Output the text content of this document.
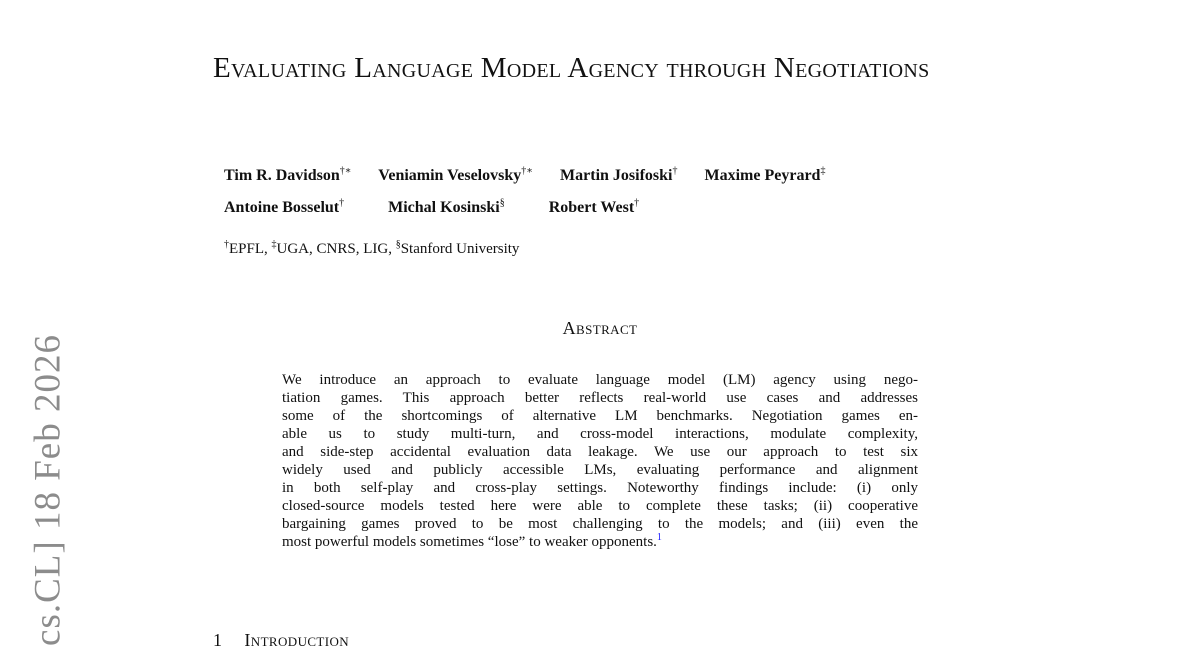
cs.CL] 18 Feb 2026
Evaluating Language Model Agency through Negotiations
Tim R. Davidson†∗ Veniamin Veselovsky†∗ Martin Josifoski† Maxime Peyrard‡
Antoine Bosselut†	Michal Kosinski§	Robert West†
†EPFL, ‡UGA, CNRS, LIG, §Stanford University
Abstract
We introduce an approach to evaluate language model (LM) agency using nego-
tiation games. This approach better reflects real-world use cases and addresses
some of the shortcomings of alternative LM benchmarks. Negotiation games en-
able us to study multi-turn, and cross-model interactions, modulate complexity,
and side-step accidental evaluation data leakage. We use our approach to test six
widely used and publicly accessible LMs, evaluating performance and alignment
in both self-play and cross-play settings. Noteworthy findings include: (i) only
closed-source models tested here were able to complete these tasks; (ii) cooperative
bargaining games proved to be most challenging to the models; and (iii) even the
most powerful models sometimes “lose” to weaker opponents.$^1$
1 Introduction
